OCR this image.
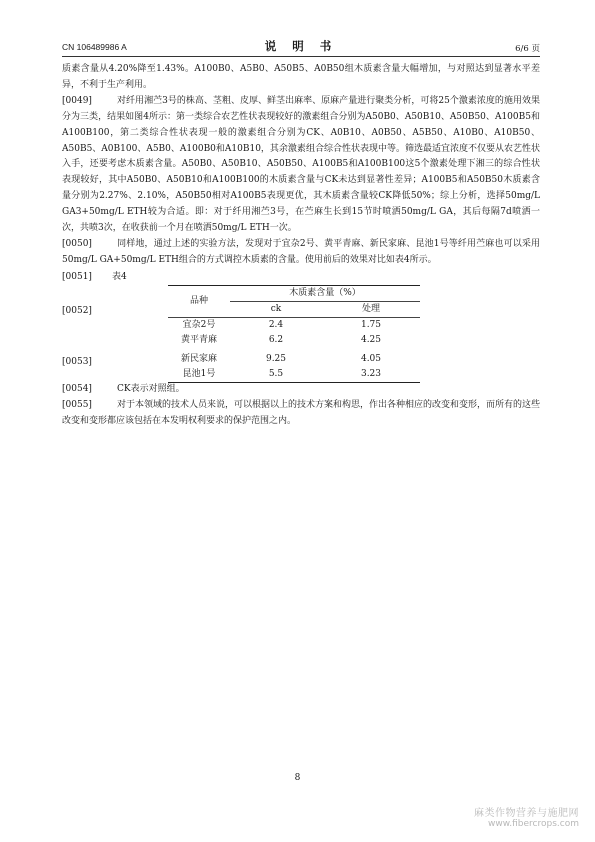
CN 106489986 A	说 明 书	6/6 页

质素含量从4.20%降至1.43%。A100B0、A5B0、A50B5、A0B50组木质素含量大幅增加，与对照达到显著水平差异，不利于生产利用。

[0049]	对纤用湘苎3号的株高、茎粗、皮厚、鲜茎出麻率、原麻产量进行聚类分析，可将25个激素浓度的施用效果分为三类，结果如图4所示：第一类综合农艺性状表现较好的激素组合分别为A50B0、A50B10、A50B50、A100B5和A100B100，第二类综合性状表现一般的激素组合分别为CK、A0B10、A0B50、A5B50、A10B0、A10B50、A50B5、A0B100、A5B0、A100B0和A10B10，其余激素组合综合性状表现中等。筛选最适宜浓度不仅要从农艺性状入手，还要考虑木质素含量。A50B0、A50B10、A50B50、A100B5和A100B100这5个激素处理下湘三的综合性状表现较好，其中A50B0、A50B10和A100B100的木质素含量与CK未达到显著性差异；A100B5和A50B50木质素含量分别为2.27%、2.10%，A50B50相对A100B5表现更优，其木质素含量较CK降低50%；综上分析，选择50mg/L GA3+50mg/L ETH较为合适。即：对于纤用湘苎3号，在苎麻生长到15节时喷洒50mg/L GA，其后每隔7d喷洒一次，共喷3次，在收获前一个月在喷洒50mg/L ETH一次。

[0050]	同样地，通过上述的实验方法，发现对于宜杂2号、黄平青麻、新民家麻、昆池1号等纤用苎麻也可以采用50mg/L GA+50mg/L ETH组合的方式调控木质素的含量。使用前后的效果对比如表4所示。

[0051]
[0052]
[0053]
表4
品种	木质素含量（%）	
	ck	处理
宜杂2号	2.4	1.75
黄平青麻	6.2	4.25

新民家麻	9.25	4.05
昆池1号	5.5	3.23

[0054]	CK表示对照组。

[0055]	对于本领域的技术人员来说，可以根据以上的技术方案和构思，作出各种相应的改变和变形，而所有的这些改变和变形都应该包括在本发明权利要求的保护范围之内。

8
麻类作物营养与施肥网
www.fibercrops.com
